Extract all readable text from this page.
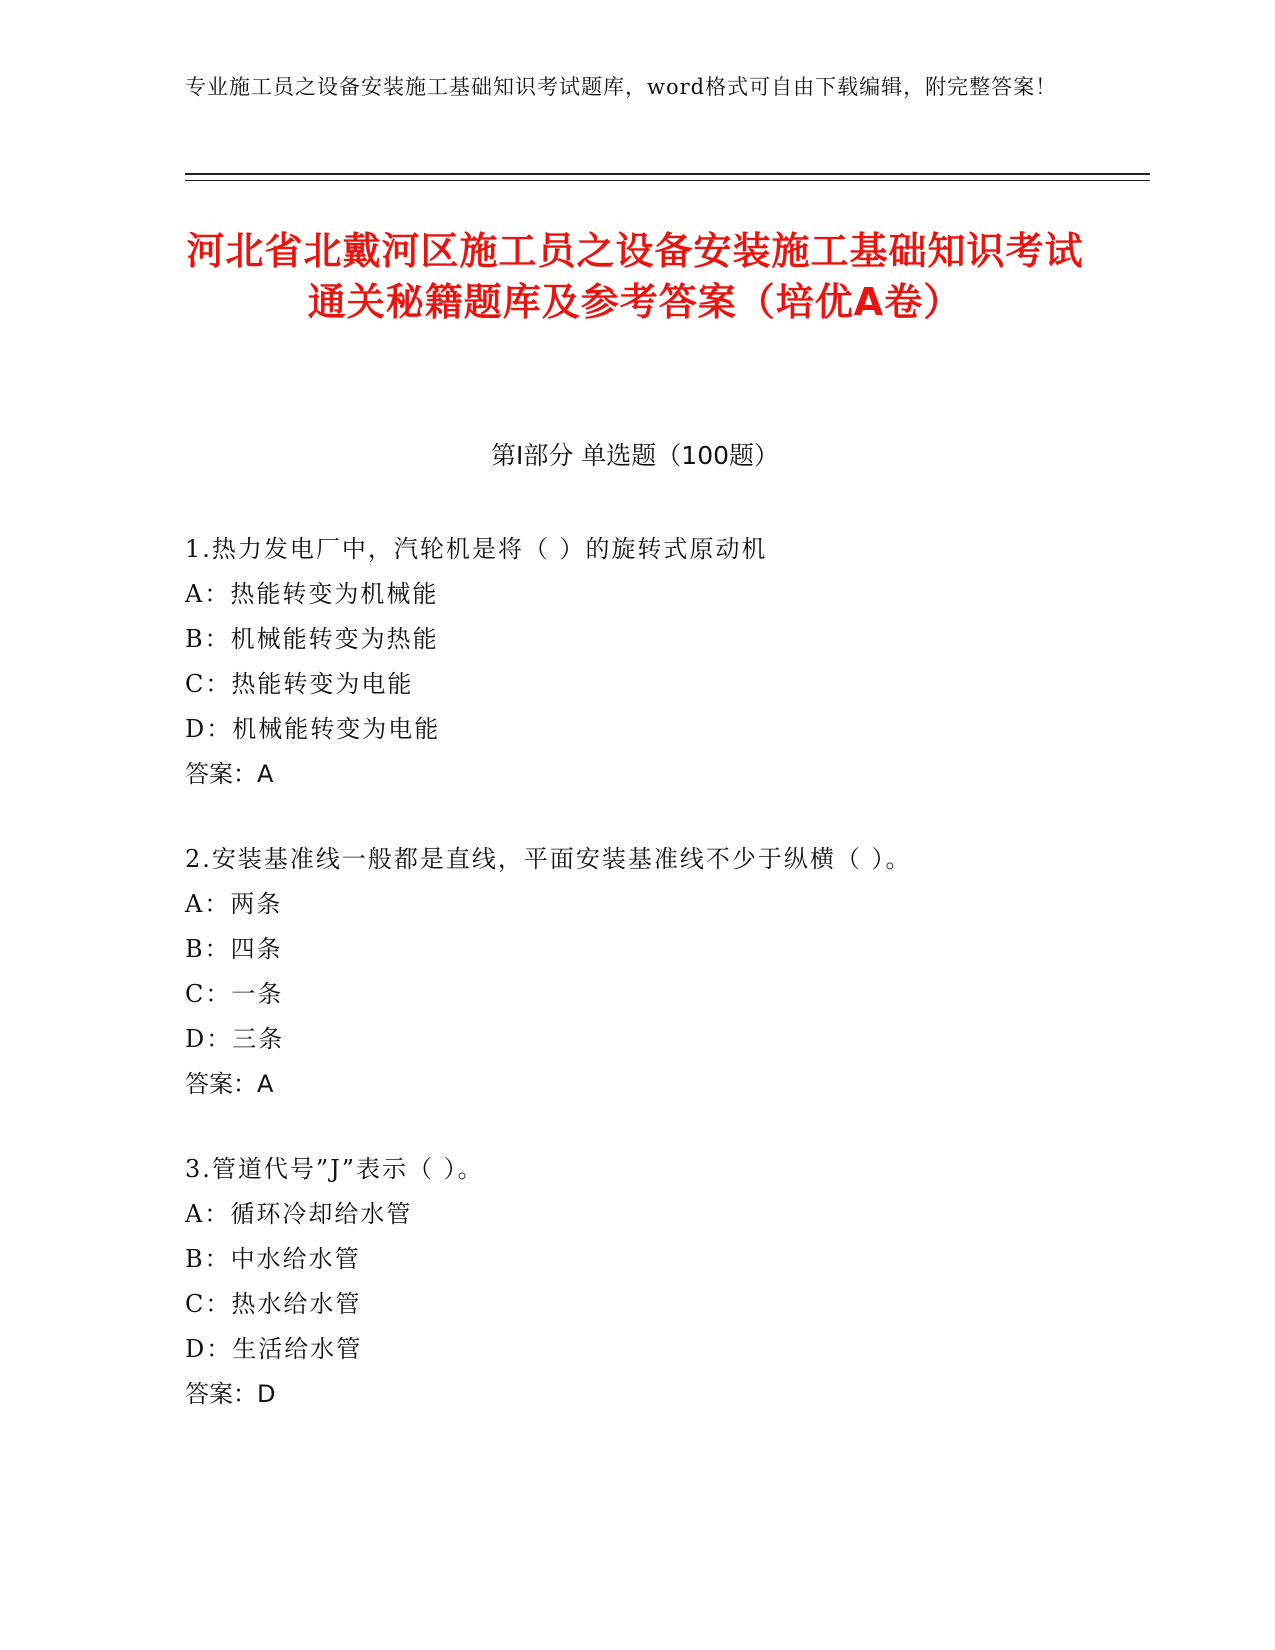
专业施工员之设备安装施工基础知识考试题库，word格式可自由下载编辑，附完整答案！
河北省北戴河区施工员之设备安装施工基础知识考试通关秘籍题库及参考答案（培优A卷）
第Ⅰ部分 单选题（100题）
1.热力发电厂中，汽轮机是将（ ）的旋转式原动机
A：热能转变为机械能
B：机械能转变为热能
C：热能转变为电能
D：机械能转变为电能
答案：A
2.安装基准线一般都是直线，平面安装基准线不少于纵横（ ）。
A：两条
B：四条
C：一条
D：三条
答案：A
3.管道代号”J”表示（ ）。
A：循环冷却给水管
B：中水给水管
C：热水给水管
D：生活给水管
答案：D
